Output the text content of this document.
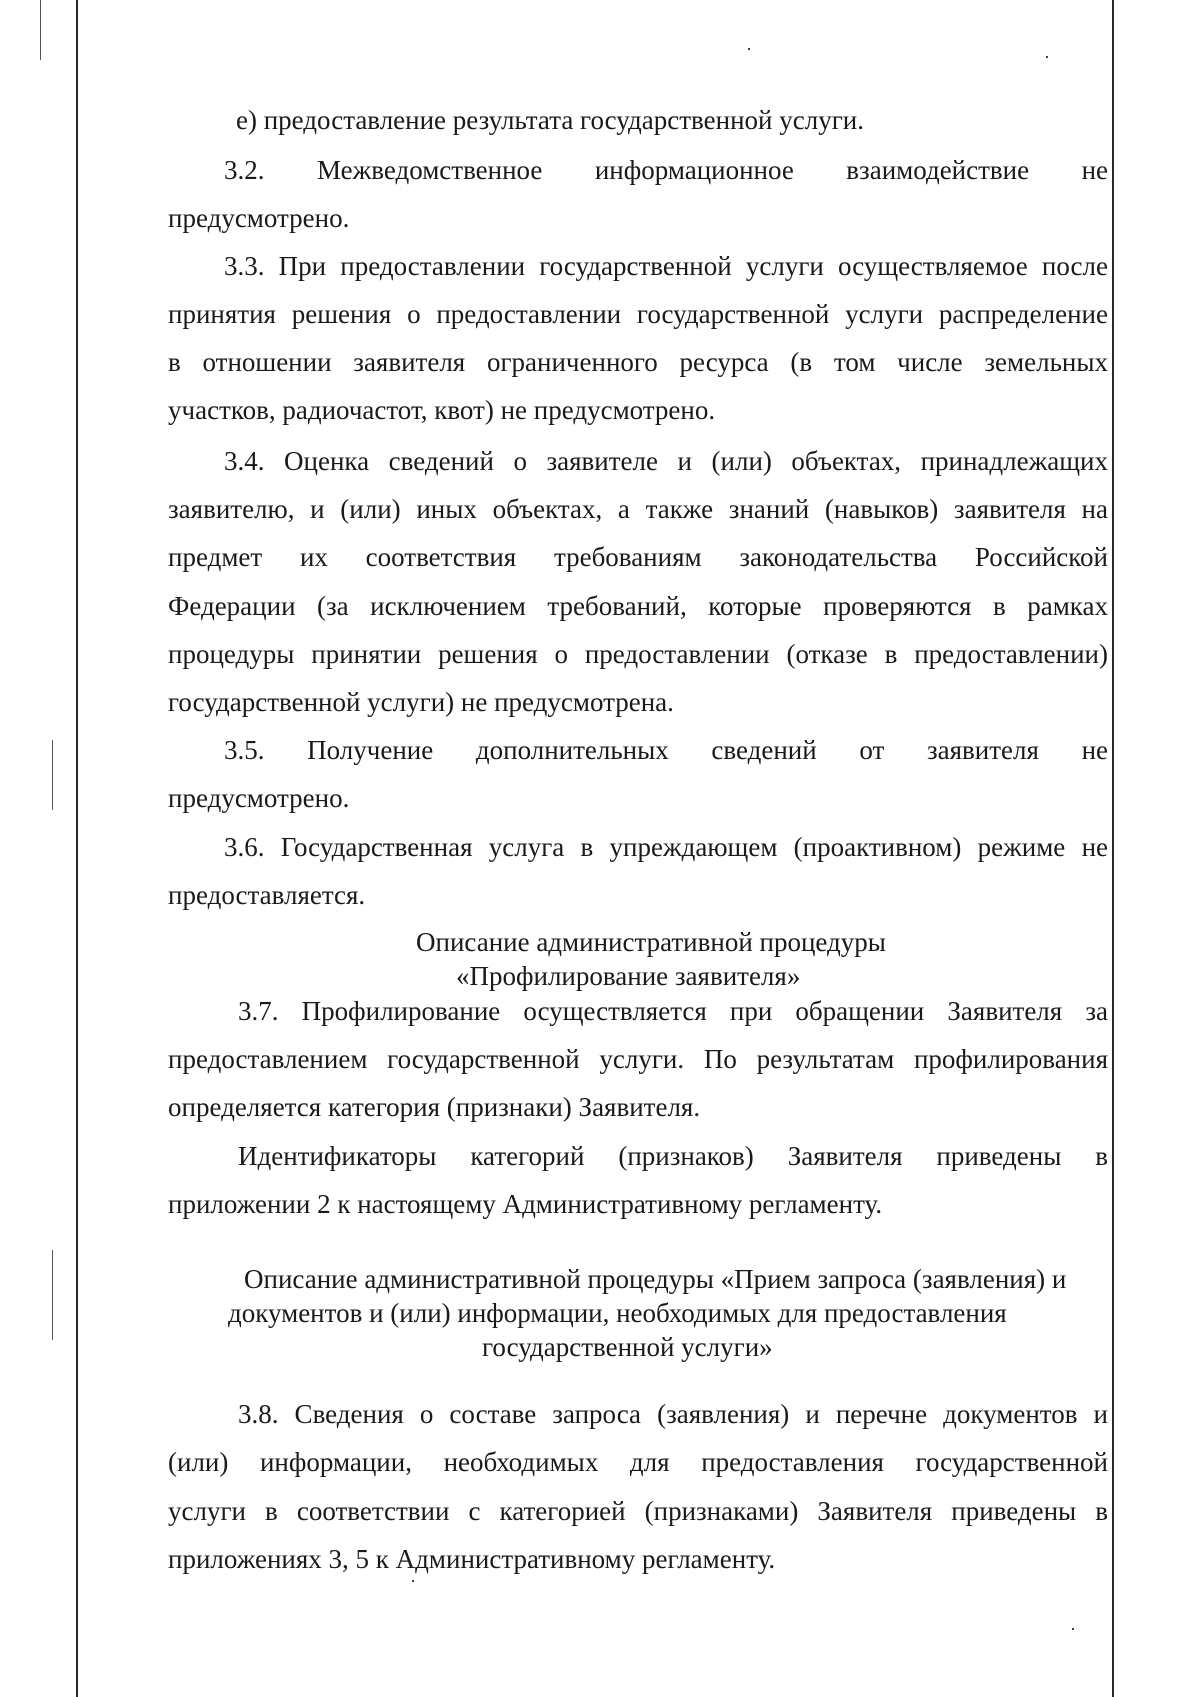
е) предоставление результата государственной услуги.

3.2. Межведомственное информационное взаимодействие не

предусмотрено.

3.3. При предоставлении государственной услуги осуществляемое после

принятия решения о предоставлении государственной услуги распределение

в отношении заявителя ограниченного ресурса (в том числе земельных

участков, радиочастот, квот) не предусмотрено.

3.4. Оценка сведений о заявителе и (или) объектах, принадлежащих

заявителю, и (или) иных объектах, а также знаний (навыков) заявителя на

предмет их соответствия требованиям законодательства Российской

Федерации (за исключением требований, которые проверяются в рамках

процедуры принятии решения о предоставлении (отказе в предоставлении)

государственной услуги) не предусмотрена.

3.5. Получение дополнительных сведений от заявителя не

предусмотрено.

3.6. Государственная услуга в упреждающем (проактивном) режиме не

предоставляется.

Описание административной процедуры
«Профилирование заявителя»

3.7. Профилирование осуществляется при обращении Заявителя за

предоставлением государственной услуги. По результатам профилирования

определяется категория (признаки) Заявителя.

Идентификаторы категорий (признаков) Заявителя приведены в

приложении 2 к настоящему Административному регламенту.

Описание административной процедуры «Прием запроса (заявления) и
документов и (или) информации, необходимых для предоставления
государственной услуги»

3.8. Сведения о составе запроса (заявления) и перечне документов и

(или) информации, необходимых для предоставления государственной

услуги в соответствии с категорией (признаками) Заявителя приведены в

приложениях 3, 5 к Административному регламенту.
